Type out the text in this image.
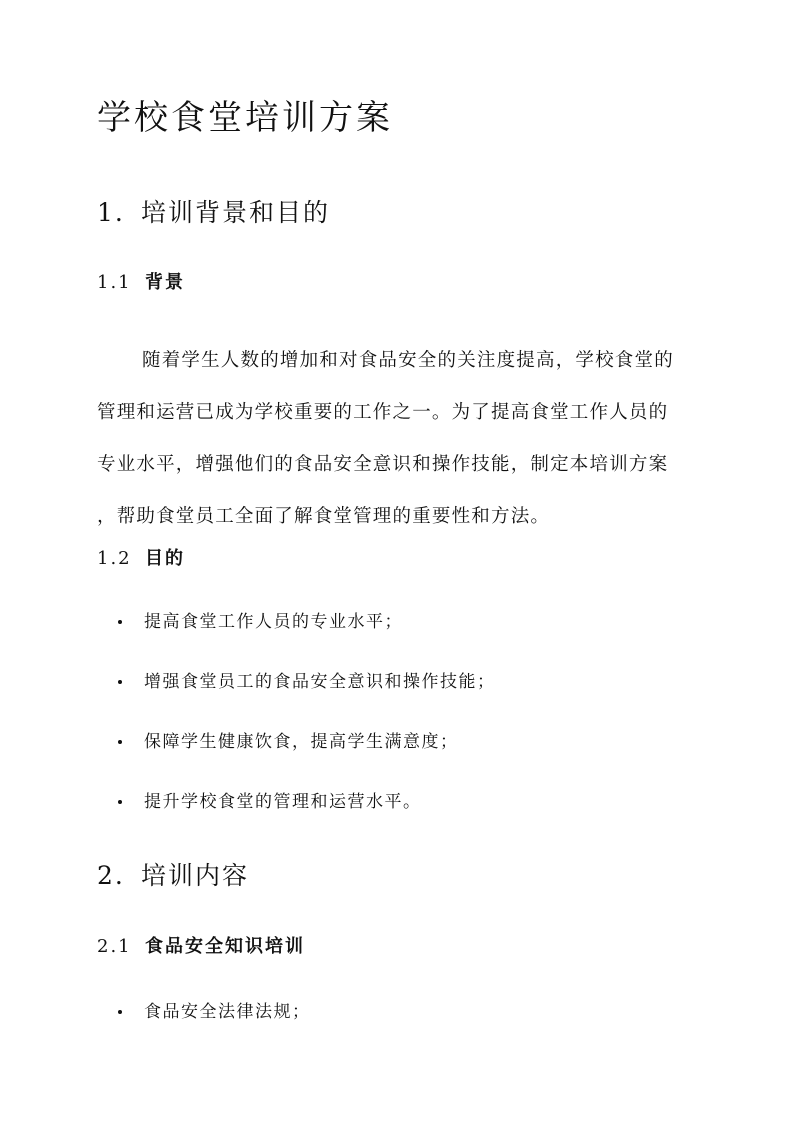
学校食堂培训方案
1. 培训背景和目的
1.1 背景

随着学生人数的增加和对食品安全的关注度提高，学校食堂的
管理和运营已成为学校重要的工作之一。为了提高食堂工作人员的
专业水平，增强他们的食品安全意识和操作技能，制定本培训方案
，帮助食堂员工全面了解食堂管理的重要性和方法。

1.2 目的
提高食堂工作人员的专业水平；
增强食堂员工的食品安全意识和操作技能；
保障学生健康饮食，提高学生满意度；
提升学校食堂的管理和运营水平。
2. 培训内容
2.1 食品安全知识培训
食品安全法律法规；
